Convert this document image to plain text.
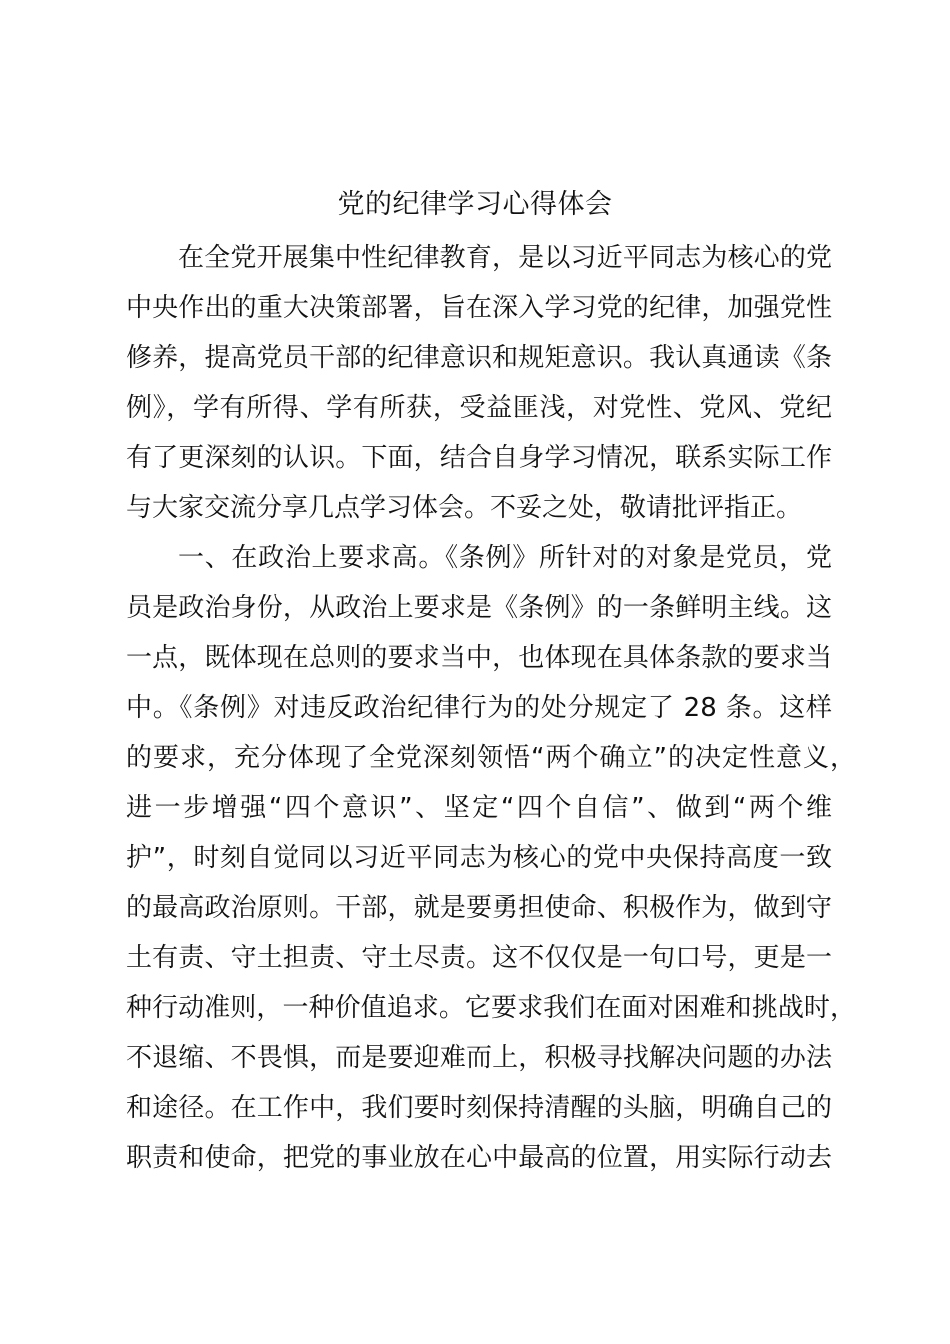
党的纪律学习心得体会
在全党开展集中性纪律教育，是以习近平同志为核心的党
中央作出的重大决策部署，旨在深入学习党的纪律，加强党性
修养，提高党员干部的纪律意识和规矩意识。我认真通读《条
例》，学有所得、学有所获，受益匪浅，对党性、党风、党纪
有了更深刻的认识。下面，结合自身学习情况，联系实际工作
与大家交流分享几点学习体会。不妥之处，敬请批评指正。
一、在政治上要求高。《条例》所针对的对象是党员，党
员是政治身份，从政治上要求是《条例》的一条鲜明主线。这
一点，既体现在总则的要求当中，也体现在具体条款的要求当
中。《条例》对违反政治纪律行为的处分规定了 28 条。这样
的要求，充分体现了全党深刻领悟“两个确立”的决定性意义，
进一步增强“四个意识”、坚定“四个自信”、做到“两个维
护”，时刻自觉同以习近平同志为核心的党中央保持高度一致
的最高政治原则。干部，就是要勇担使命、积极作为，做到守
土有责、守土担责、守土尽责。这不仅仅是一句口号，更是一
种行动准则，一种价值追求。它要求我们在面对困难和挑战时，
不退缩、不畏惧，而是要迎难而上，积极寻找解决问题的办法
和途径。在工作中，我们要时刻保持清醒的头脑，明确自己的
职责和使命，把党的事业放在心中最高的位置，用实际行动去
